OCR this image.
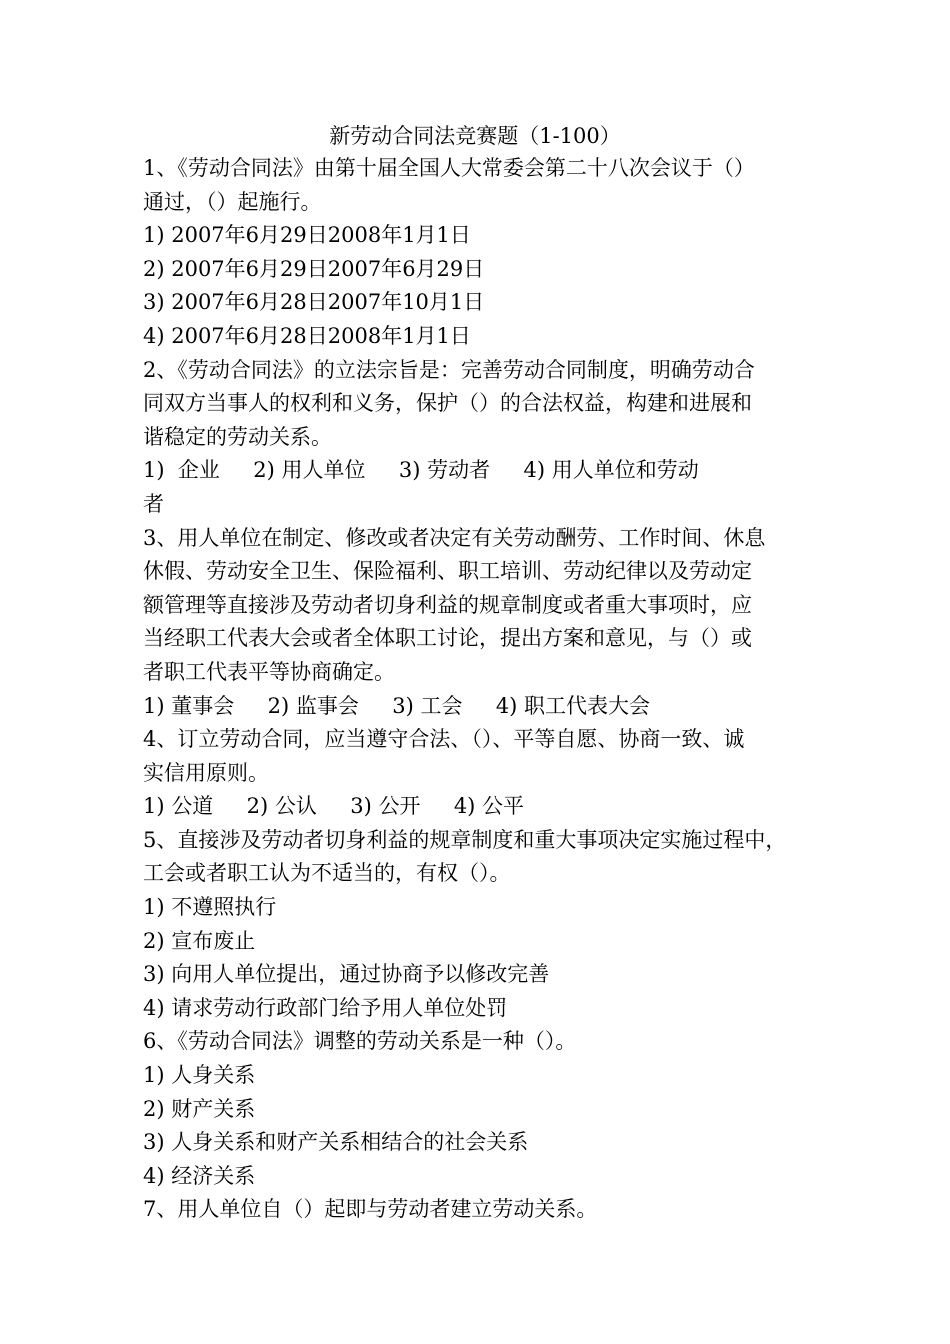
新劳动合同法竞赛题（1-100）
1、《劳动合同法》由第十届全国人大常委会第二十八次会议于（）
通过，（）起施行。
1) 2007年6月29日2008年1月1日
2) 2007年6月29日2007年6月29日
3) 2007年6月28日2007年10月1日
4) 2007年6月28日2008年1月1日
2、《劳动合同法》的立法宗旨是：完善劳动合同制度，明确劳动合
同双方当事人的权利和义务，保护（）的合法权益，构建和进展和
谐稳定的劳动关系。
1)  企业     2) 用人单位     3) 劳动者     4) 用人单位和劳动
者
3、用人单位在制定、修改或者决定有关劳动酬劳、工作时间、休息
休假、劳动安全卫生、保险福利、职工培训、劳动纪律以及劳动定
额管理等直接涉及劳动者切身利益的规章制度或者重大事项时，应
当经职工代表大会或者全体职工讨论，提出方案和意见，与（）或
者职工代表平等协商确定。
1) 董事会     2) 监事会     3) 工会     4) 职工代表大会
4、订立劳动合同，应当遵守合法、（）、平等自愿、协商一致、诚
实信用原则。
1) 公道     2) 公认     3) 公开     4) 公平
5、直接涉及劳动者切身利益的规章制度和重大事项决定实施过程中，
工会或者职工认为不适当的，有权（）。
1) 不遵照执行
2) 宣布废止
3) 向用人单位提出，通过协商予以修改完善
4) 请求劳动行政部门给予用人单位处罚
6、《劳动合同法》调整的劳动关系是一种（）。
1) 人身关系
2) 财产关系
3) 人身关系和财产关系相结合的社会关系
4) 经济关系
7、用人单位自（）起即与劳动者建立劳动关系。
